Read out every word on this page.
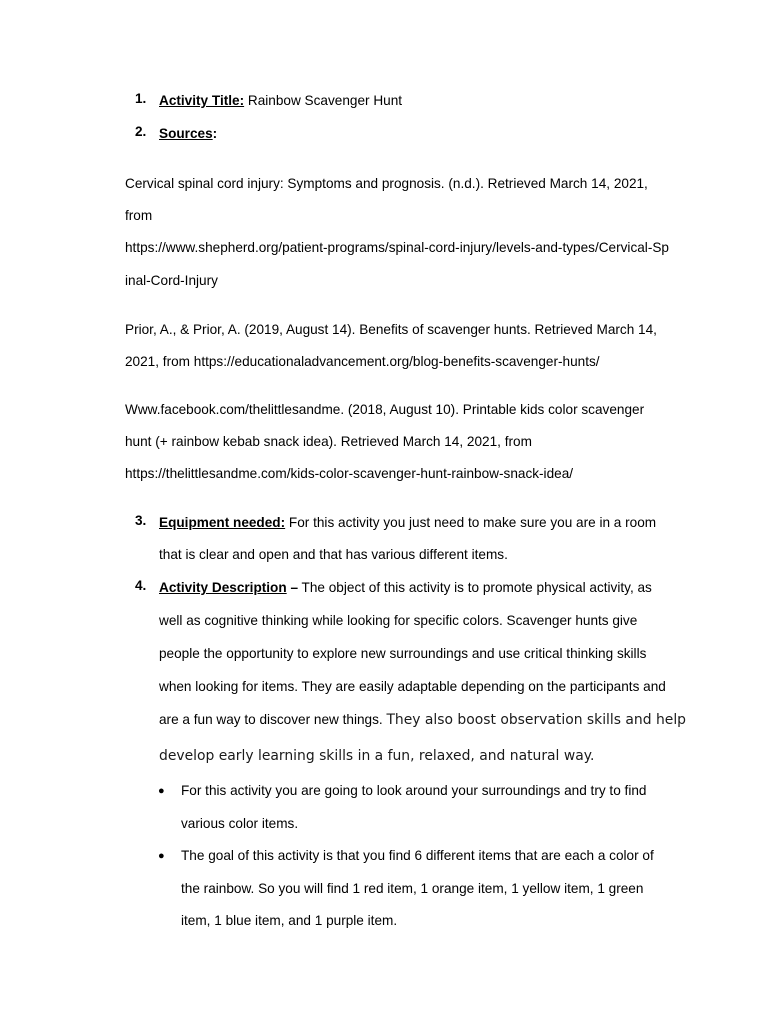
1. Activity Title: Rainbow Scavenger Hunt
2. Sources:
Cervical spinal cord injury: Symptoms and prognosis. (n.d.). Retrieved March 14, 2021,
from
https://www.shepherd.org/patient-programs/spinal-cord-injury/levels-and-types/Cervical-Sp
inal-Cord-Injury
Prior, A., & Prior, A. (2019, August 14). Benefits of scavenger hunts. Retrieved March 14,
2021, from https://educationaladvancement.org/blog-benefits-scavenger-hunts/
Www.facebook.com/thelittlesandme. (2018, August 10). Printable kids color scavenger
hunt (+ rainbow kebab snack idea). Retrieved March 14, 2021, from
https://thelittlesandme.com/kids-color-scavenger-hunt-rainbow-snack-idea/
3. Equipment needed: For this activity you just need to make sure you are in a room
that is clear and open and that has various different items.
4. Activity Description – The object of this activity is to promote physical activity, as
well as cognitive thinking while looking for specific colors. Scavenger hunts give
people the opportunity to explore new surroundings and use critical thinking skills
when looking for items. They are easily adaptable depending on the participants and
are a fun way to discover new things. They also boost observation skills and help
develop early learning skills in a fun, relaxed, and natural way.
● For this activity you are going to look around your surroundings and try to find
various color items.
● The goal of this activity is that you find 6 different items that are each a color of
the rainbow. So you will find 1 red item, 1 orange item, 1 yellow item, 1 green
item, 1 blue item, and 1 purple item.
